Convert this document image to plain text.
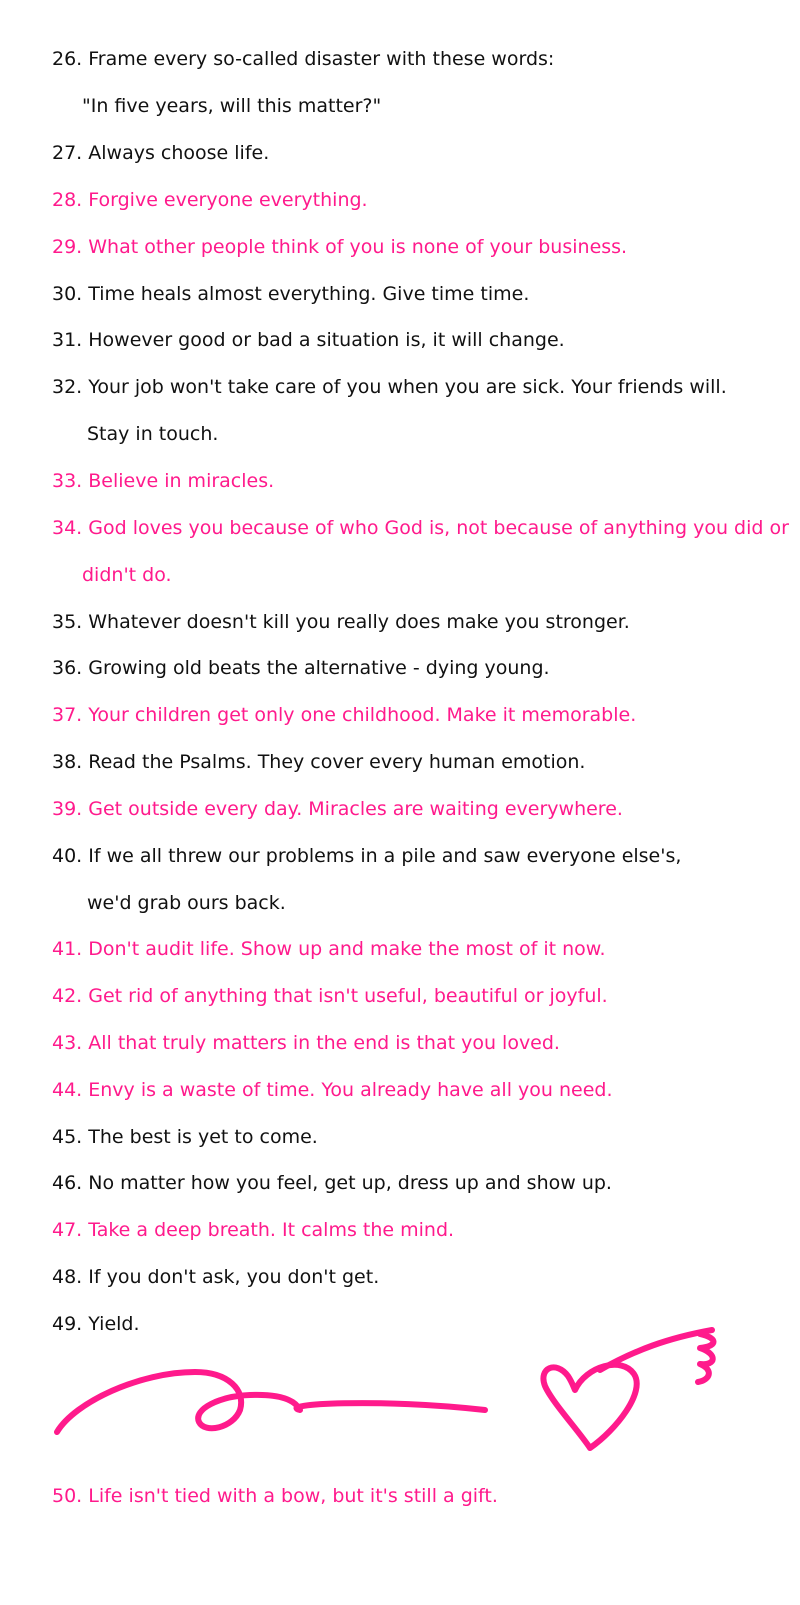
26. Frame every so-called disaster with these words:
"In five years, will this matter?"
27. Always choose life.
28. Forgive everyone everything.
29. What other people think of you is none of your business.
30. Time heals almost everything. Give time time.
31. However good or bad a situation is, it will change.
32. Your job won't take care of you when you are sick. Your friends will.
Stay in touch.
33. Believe in miracles.
34. God loves you because of who God is, not because of anything you did or
didn't do.
35. Whatever doesn't kill you really does make you stronger.
36. Growing old beats the alternative - dying young.
37. Your children get only one childhood. Make it memorable.
38. Read the Psalms. They cover every human emotion.
39. Get outside every day. Miracles are waiting everywhere.
40. If we all threw our problems in a pile and saw everyone else's,
we'd grab ours back.
41. Don't audit life. Show up and make the most of it now.
42. Get rid of anything that isn't useful, beautiful or joyful.
43. All that truly matters in the end is that you loved.
44. Envy is a waste of time. You already have all you need.
45. The best is yet to come.
46. No matter how you feel, get up, dress up and show up.
47. Take a deep breath. It calms the mind.
48. If you don't ask, you don't get.
49. Yield.
50. Life isn't tied with a bow, but it's still a gift.
